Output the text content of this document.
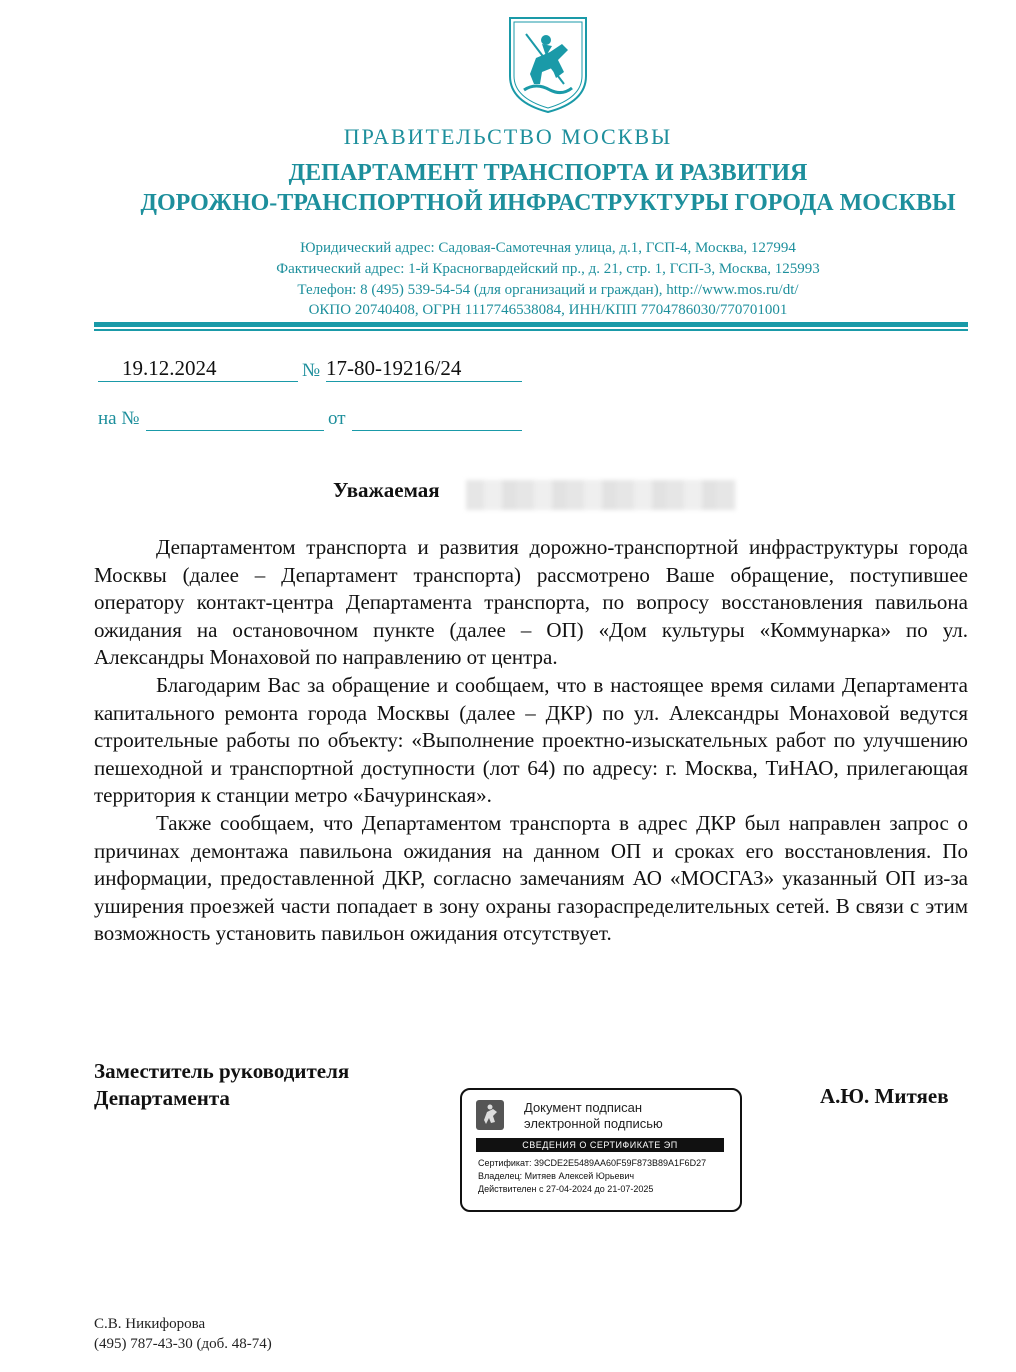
ПРАВИТЕЛЬСТВО МОСКВЫ
ДЕПАРТАМЕНТ ТРАНСПОРТА И РАЗВИТИЯ
ДОРОЖНО-ТРАНСПОРТНОЙ ИНФРАСТРУКТУРЫ ГОРОДА МОСКВЫ
Юридический адрес: Садовая-Самотечная улица, д.1, ГСП-4, Москва, 127994
Фактический адрес: 1-й Красногвардейский пр., д. 21, стр. 1, ГСП-3, Москва, 125993
Телефон: 8 (495) 539-54-54 (для организаций и граждан), http://www.mos.ru/dt/
ОКПО 20740408, ОГРН 1117746538084, ИНН/КПП 7704786030/770701001
19.12.2024	№ 17-80-19216/24
на №	от
Уважаемая

Департаментом транспорта и развития дорожно-транспортной инфраструктуры города Москвы (далее – Департамент транспорта) рассмотрено Ваше обращение, поступившее оператору контакт-центра Департамента транспорта, по вопросу восстановления павильона ожидания на остановочном пункте (далее – ОП) «Дом культуры «Коммунарка» по ул. Александры Монаховой по направлению от центра.

Благодарим Вас за обращение и сообщаем, что в настоящее время силами Департамента капитального ремонта города Москвы (далее – ДКР) по ул. Александры Монаховой ведутся строительные работы по объекту: «Выполнение проектно-изыскательных работ по улучшению пешеходной и транспортной доступности (лот 64) по адресу: г. Москва, ТиНАО, прилегающая территория к станции метро «Бачуринская».

Также сообщаем, что Департаментом транспорта в адрес ДКР был направлен запрос о причинах демонтажа павильона ожидания на данном ОП и сроках его восстановления. По информации, предоставленной ДКР, согласно замечаниям АО «МОСГАЗ» указанный ОП из-за уширения проезжей части попадает в зону охраны газораспределительных сетей. В связи с этим возможность установить павильон ожидания отсутствует.

Заместитель руководителя
Департамента	А.Ю. Митяев
Документ подписан
электронной подписью
СВЕДЕНИЯ О СЕРТИФИКАТЕ ЭП
Сертификат: 39CDE2E5489AA60F59F873B89A1F6D27
Владелец: Митяев Алексей Юрьевич
Действителен с 27-04-2024 до 21-07-2025
С.В. Никифорова
(495) 787-43-30 (доб. 48-74)
